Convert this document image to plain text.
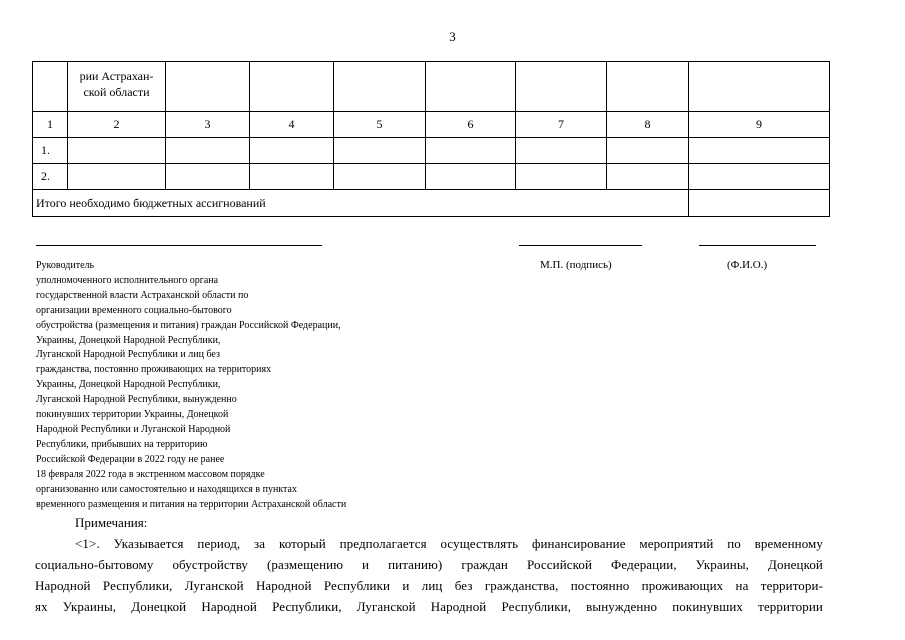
3

	рии Астрахан-
ской области							

1	2	3	4	5	6	7	8	9
1.								
2.								
Итого необходимо бюджетных ассигнований								
М.П. (подпись)	(Ф.И.О.)
Руководитель
уполномоченного исполнительного органа
государственной власти Астраханской области по
организации временного социально-бытового
обустройства (размещения и питания) граждан Российской Федерации,
Украины, Донецкой Народной Республики,
Луганской Народной Республики и лиц без
гражданства, постоянно проживающих на территориях
Украины, Донецкой Народной Республики,
Луганской Народной Республики, вынужденно
покинувших территории Украины, Донецкой
Народной Республики и Луганской Народной
Республики, прибывших на территорию
Российской Федерации в 2022 году не ранее
18 февраля 2022 года в экстренном массовом порядке
организованно или самостоятельно и находящихся в пунктах
временного размещения и питания на территории Астраханской области
Примечания:
<1>. Указывается период, за который предполагается осуществлять финансирование мероприятий по временному
социально-бытовому обустройству (размещению и питанию) граждан Российской Федерации, Украины, Донецкой
Народной Республики, Луганской Народной Республики и лиц без гражданства, постоянно проживающих на территори-
ях Украины, Донецкой Народной Республики, Луганской Народной Республики, вынужденно покинувших территории
